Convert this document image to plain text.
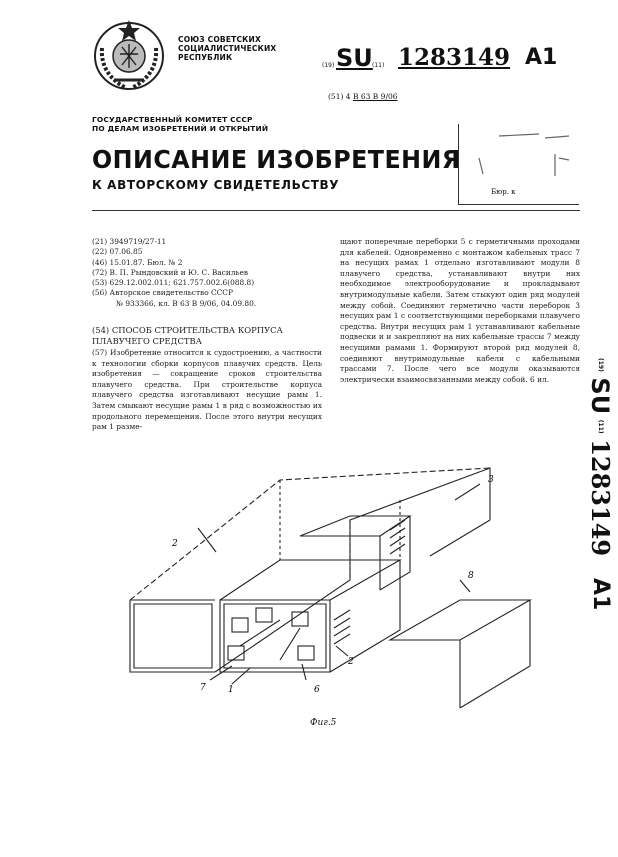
СОЮЗ СОВЕТСКИХ
СОЦИАЛИСТИЧЕСКИХ
РЕСПУБЛИК
(19) SU (11) 1283149 A1
(51) 4 В 63 В 9/06
ГОСУДАРСТВЕННЫЙ КОМИТЕТ СССР
ПО ДЕЛАМ ИЗОБРЕТЕНИЙ И ОТКРЫТИЙ
ОПИСАНИЕ ИЗОБРЕТЕНИЯ
К АВТОРСКОМУ СВИДЕТЕЛЬСТВУ	Бюр. к
(21) 3949719/27-11
(22) 07.06.85
(46) 15.01.87. Бюл. № 2
(72) В. П. Рындовский и Ю. С. Васильев
(53) 629.12.002.011; 621.757.002.6(088.8)
(56) Авторское свидетельство СССР
№ 933366, кл. В 63 В 9/06, 04.09.80.
(54) СПОСОБ СТРОИТЕЛЬСТВА КОРПУСА ПЛАВУЧЕГО СРЕДСТВА
(57) Изобретение относится к судостроению, а частности к технологии сборки корпусов плавучих средств. Цель изобретения — сокращение сроков строительства плавучего средства. При строительстве корпуса плавучего средства изготавливают несущие рамы 1. Затем смыкают несущие рамы 1 в ряд с возможностью их продольного перемещения. После этого внутри несущих рам 1 разме-
щают поперечные переборки 5 с герметичными проходами для кабелей. Одновременно с монтажом кабельных трасс 7 на несущих рамах 1 отдельно изготавливают модули 8 плавучего средства, устанавливают внутри них необходимое электрооборудование и прокладывают внутримодульные кабели. Затем стыкуют один ряд модулей между собой. Соединяют герметично части переборок 3 несущих рам 1 с соответствующими переборками плавучего средства. Внутри несущих рам 1 устанавливают кабельные подвески и и закрепляют на них кабельные трассы 7 между несущими рамами 1. Формируют второй ряд модулей 8, соединяют внутримодульные кабели с кабельными трассами 7. После чего все модули оказываются электрически взаимосвязанными между собой. 6 ил.
2
3
8
7 1	6
2
Фиг.5
(19) SU (11) 1283149 A1
